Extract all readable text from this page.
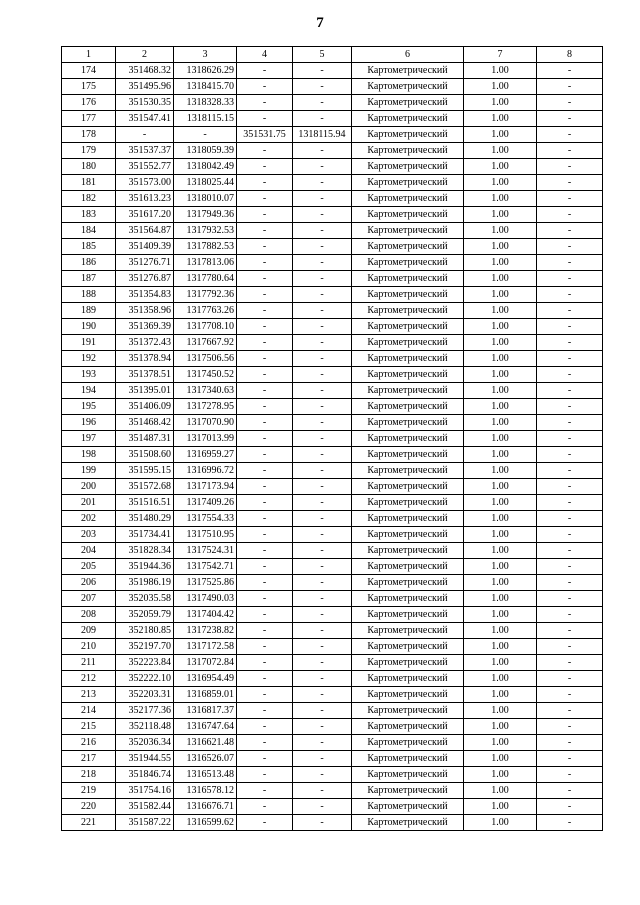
7
1	2	3	4	5	6	7	8
174	351468.32	1318626.29	-	-	Картометрический	1.00	-
175	351495.96	1318415.70	-	-	Картометрический	1.00	-
176	351530.35	1318328.33	-	-	Картометрический	1.00	-
177	351547.41	1318115.15	-	-	Картометрический	1.00	-
178	-	-	351531.75	1318115.94	Картометрический	1.00	-
179	351537.37	1318059.39	-	-	Картометрический	1.00	-
180	351552.77	1318042.49	-	-	Картометрический	1.00	-
181	351573.00	1318025.44	-	-	Картометрический	1.00	-
182	351613.23	1318010.07	-	-	Картометрический	1.00	-
183	351617.20	1317949.36	-	-	Картометрический	1.00	-
184	351564.87	1317932.53	-	-	Картометрический	1.00	-
185	351409.39	1317882.53	-	-	Картометрический	1.00	-
186	351276.71	1317813.06	-	-	Картометрический	1.00	-
187	351276.87	1317780.64	-	-	Картометрический	1.00	-
188	351354.83	1317792.36	-	-	Картометрический	1.00	-
189	351358.96	1317763.26	-	-	Картометрический	1.00	-
190	351369.39	1317708.10	-	-	Картометрический	1.00	-
191	351372.43	1317667.92	-	-	Картометрический	1.00	-
192	351378.94	1317506.56	-	-	Картометрический	1.00	-
193	351378.51	1317450.52	-	-	Картометрический	1.00	-
194	351395.01	1317340.63	-	-	Картометрический	1.00	-
195	351406.09	1317278.95	-	-	Картометрический	1.00	-
196	351468.42	1317070.90	-	-	Картометрический	1.00	-
197	351487.31	1317013.99	-	-	Картометрический	1.00	-
198	351508.60	1316959.27	-	-	Картометрический	1.00	-
199	351595.15	1316996.72	-	-	Картометрический	1.00	-
200	351572.68	1317173.94	-	-	Картометрический	1.00	-
201	351516.51	1317409.26	-	-	Картометрический	1.00	-
202	351480.29	1317554.33	-	-	Картометрический	1.00	-
203	351734.41	1317510.95	-	-	Картометрический	1.00	-
204	351828.34	1317524.31	-	-	Картометрический	1.00	-
205	351944.36	1317542.71	-	-	Картометрический	1.00	-
206	351986.19	1317525.86	-	-	Картометрический	1.00	-
207	352035.58	1317490.03	-	-	Картометрический	1.00	-
208	352059.79	1317404.42	-	-	Картометрический	1.00	-
209	352180.85	1317238.82	-	-	Картометрический	1.00	-
210	352197.70	1317172.58	-	-	Картометрический	1.00	-
211	352223.84	1317072.84	-	-	Картометрический	1.00	-
212	352222.10	1316954.49	-	-	Картометрический	1.00	-
213	352203.31	1316859.01	-	-	Картометрический	1.00	-
214	352177.36	1316817.37	-	-	Картометрический	1.00	-
215	352118.48	1316747.64	-	-	Картометрический	1.00	-
216	352036.34	1316621.48	-	-	Картометрический	1.00	-
217	351944.55	1316526.07	-	-	Картометрический	1.00	-
218	351846.74	1316513.48	-	-	Картометрический	1.00	-
219	351754.16	1316578.12	-	-	Картометрический	1.00	-
220	351582.44	1316676.71	-	-	Картометрический	1.00	-
221	351587.22	1316599.62	-	-	Картометрический	1.00	-
